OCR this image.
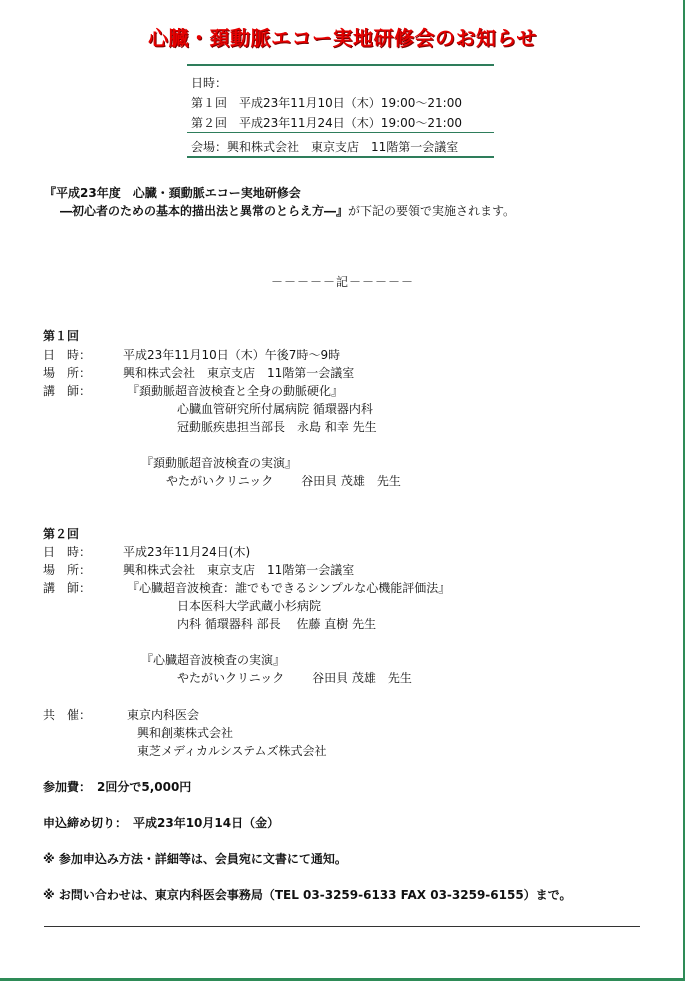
心臓・頚動脈エコー実地研修会のお知らせ
日時：
第１回　平成23年11月10日（木）19:00～21:00
第２回　平成23年11月24日（木）19:00～21:00
会場：興和株式会社　東京支店　11階第一会議室
『平成23年度　心臓・頚動脈エコー実地研修会
―初心者のための基本的描出法と異常のとらえ方―』が下記の要領で実施されます。
－－－－－記－－－－－
第１回
日　時：	平成23年11月10日（木）午後7時～9時
場　所：	興和株式会社　東京支店　11階第一会議室
講　師：	『頚動脈超音波検査と全身の動脈硬化』
心臓血管研究所付属病院 循環器内科
冠動脈疾患担当部長　永島 和幸 先生
『頚動脈超音波検査の実演』
やたがいクリニック　　 谷田貝 茂雄　先生
第２回
日　時：	平成23年11月24日(木)
場　所：	興和株式会社　東京支店　11階第一会議室
講　師：	『心臓超音波検査：誰でもできるシンプルな心機能評価法』
日本医科大学武蔵小杉病院
内科 循環器科 部長　 佐藤 直樹 先生
『心臓超音波検査の実演』
やたがいクリニック　　 谷田貝 茂雄　先生
共　催：	東京内科医会
興和創薬株式会社
東芝メディカルシステムズ株式会社
参加費：　2回分で5,000円
申込締め切り：　平成23年10月14日（金）
※ 参加申込み方法・詳細等は、会員宛に文書にて通知。
※ お問い合わせは、東京内科医会事務局（TEL 03-3259-6133 FAX 03-3259-6155）まで。
